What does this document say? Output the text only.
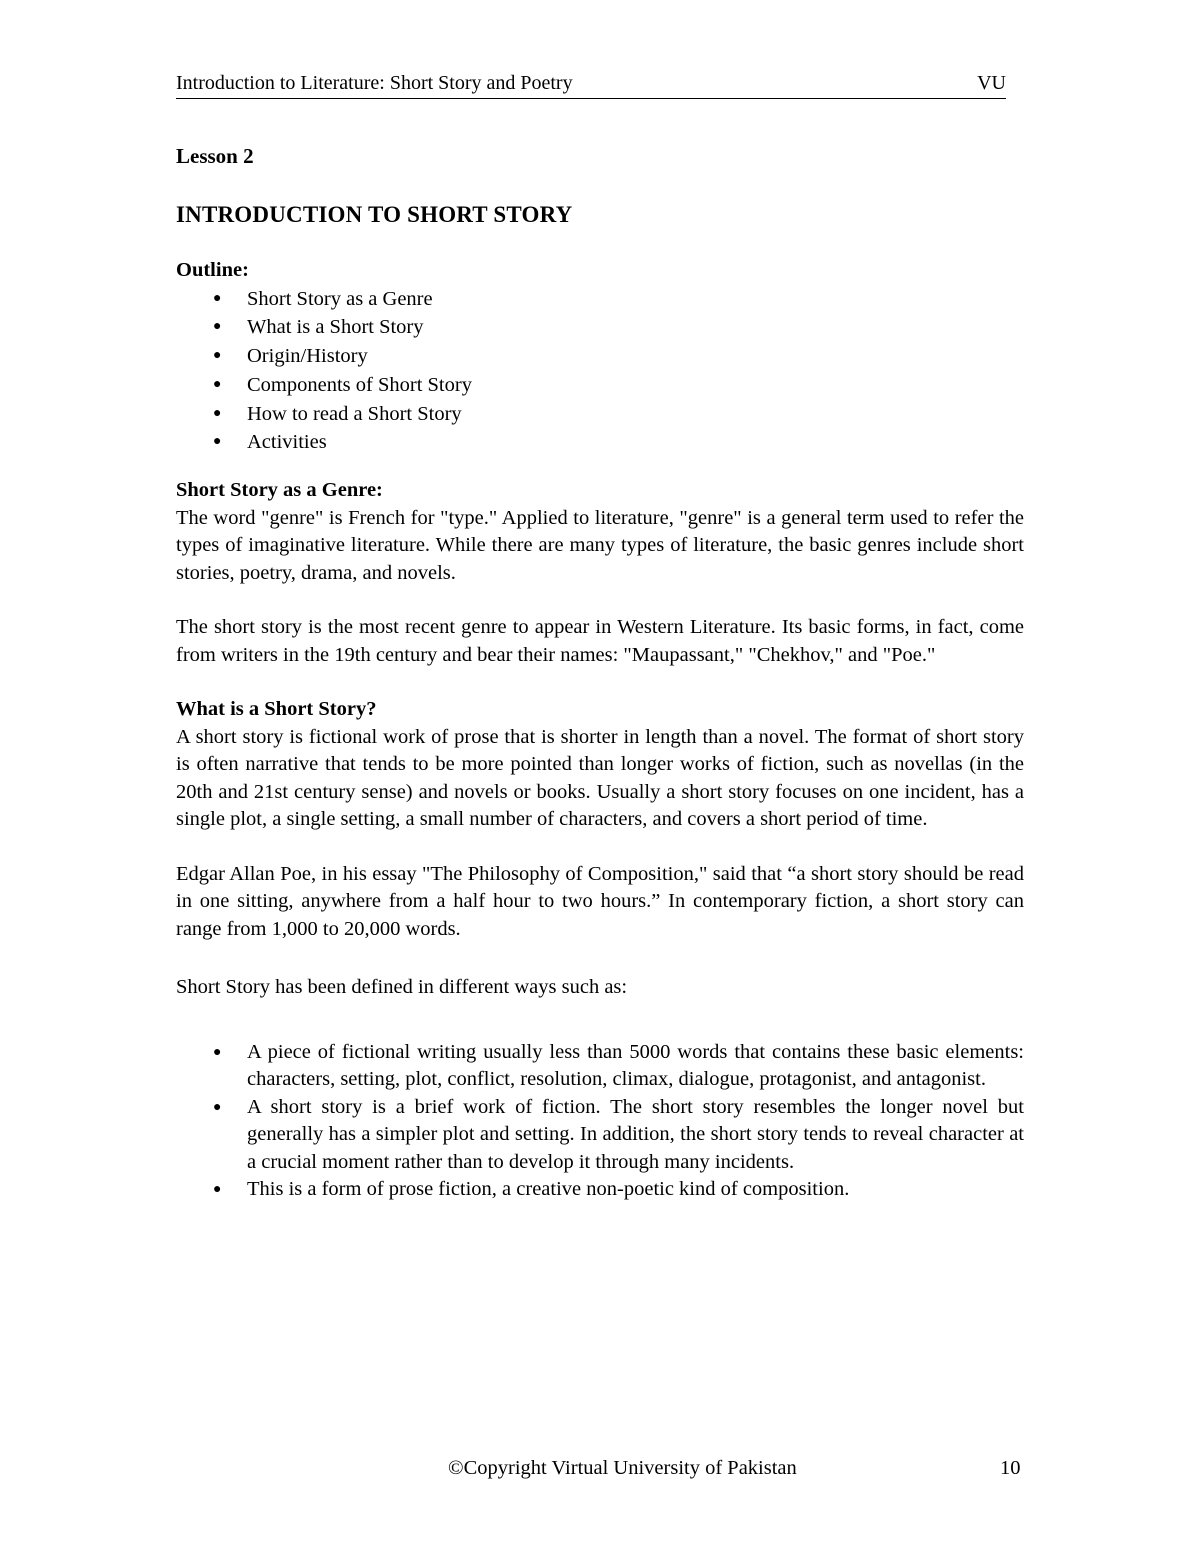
Introduction to Literature: Short Story and Poetry	VU
Lesson 2
INTRODUCTION TO SHORT STORY
Outline:
● Short Story as a Genre
● What is a Short Story
● Origin/History
● Components of Short Story
● How to read a Short Story
● Activities
Short Story as a Genre:

The word "genre" is French for "type." Applied to literature, "genre" is a general term used to refer the types of imaginative literature. While there are many types of literature, the basic genres include short stories, poetry, drama, and novels.

The short story is the most recent genre to appear in Western Literature. Its basic forms, in fact, come from writers in the 19th century and bear their names: "Maupassant," "Chekhov," and "Poe."

What is a Short Story?

A short story is fictional work of prose that is shorter in length than a novel. The format of short story is often narrative that tends to be more pointed than longer works of fiction, such as novellas (in the 20th and 21st century sense) and novels or books. Usually a short story focuses on one incident, has a single plot, a single setting, a small number of characters, and covers a short period of time.

Edgar Allan Poe, in his essay "The Philosophy of Composition," said that “a short story should be read in one sitting, anywhere from a half hour to two hours.” In contemporary fiction, a short story can range from 1,000 to 20,000 words.

Short Story has been defined in different ways such as:

● A piece of fictional writing usually less than 5000 words that contains these basic elements: characters, setting, plot, conflict, resolution, climax, dialogue, protagonist, and antagonist.
● A short story is a brief work of fiction. The short story resembles the longer novel but generally has a simpler plot and setting. In addition, the short story tends to reveal character at a crucial moment rather than to develop it through many incidents.
● This is a form of prose fiction, a creative non-poetic kind of composition.
©Copyright Virtual University of Pakistan	10
